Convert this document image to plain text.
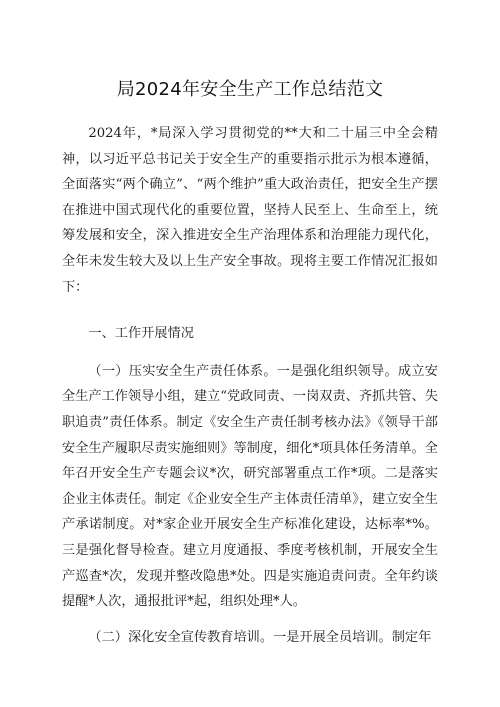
局2024年安全生产工作总结范文

2024年，*局深入学习贯彻党的**大和二十届三中全会精神，以习近平总书记关于安全生产的重要指示批示为根本遵循，全面落实“两个确立”、“两个维护”重大政治责任，把安全生产摆在推进中国式现代化的重要位置，坚持人民至上、生命至上，统筹发展和安全，深入推进安全生产治理体系和治理能力现代化，全年未发生较大及以上生产安全事故。现将主要工作情况汇报如下：

一、工作开展情况

（一）压实安全生产责任体系。一是强化组织领导。成立安全生产工作领导小组，建立“党政同责、一岗双责、齐抓共管、失职追责”责任体系。制定《安全生产责任制考核办法》《领导干部安全生产履职尽责实施细则》等制度，细化*项具体任务清单。全年召开安全生产专题会议*次，研究部署重点工作*项。二是落实企业主体责任。制定《企业安全生产主体责任清单》，建立安全生产承诺制度。对*家企业开展安全生产标准化建设，达标率*%。三是强化督导检查。建立月度通报、季度考核机制，开展安全生产巡查*次，发现并整改隐患*处。四是实施追责问责。全年约谈提醒*人次，通报批评*起，组织处理*人。

（二）深化安全宣传教育培训。一是开展全员培训。制定年
